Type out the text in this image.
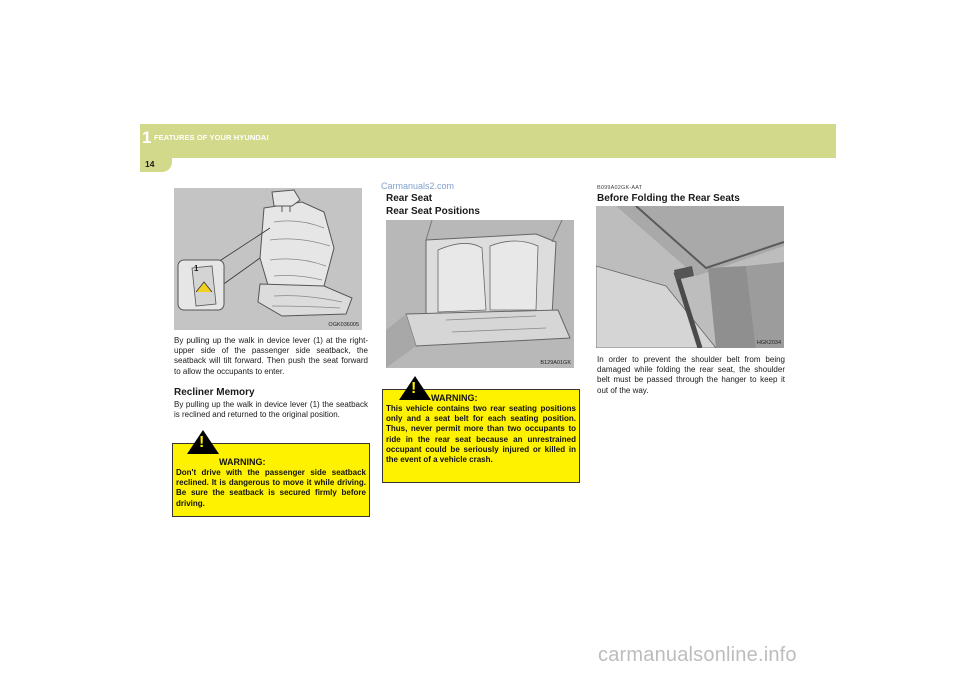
1 FEATURES OF YOUR HYUNDAI
14
1
OGK036005
By pulling up the walk in device lever (1) at the right-upper side of the passenger side seatback, the seatback will tilt forward. Then push the seat forward to allow the occupants to enter.
Recliner Memory
By pulling up the walk in device lever (1) the seatback is reclined and returned to the original position.
!
WARNING:
Don't drive with the passenger side seatback reclined. It is dangerous to move it while driving. Be sure the seatback is secured firmly before driving.
Carmanuals2.com
Rear Seat
Rear Seat Positions
B129A01GK
!
WARNING:
This vehicle contains two rear seating positions only and a seat belt for each seating position. Thus, never permit more than two occupants to ride in the rear seat because an unrestrained occupant could be seriously injured or killed in the event of a vehicle crash.
B099A02GK-AAT
Before Folding the Rear Seats
HGK2034
In order to prevent the shoulder belt from being damaged while folding the rear seat, the shoulder belt must be passed through the hanger to keep it out of the way.
carmanualsonline.info
